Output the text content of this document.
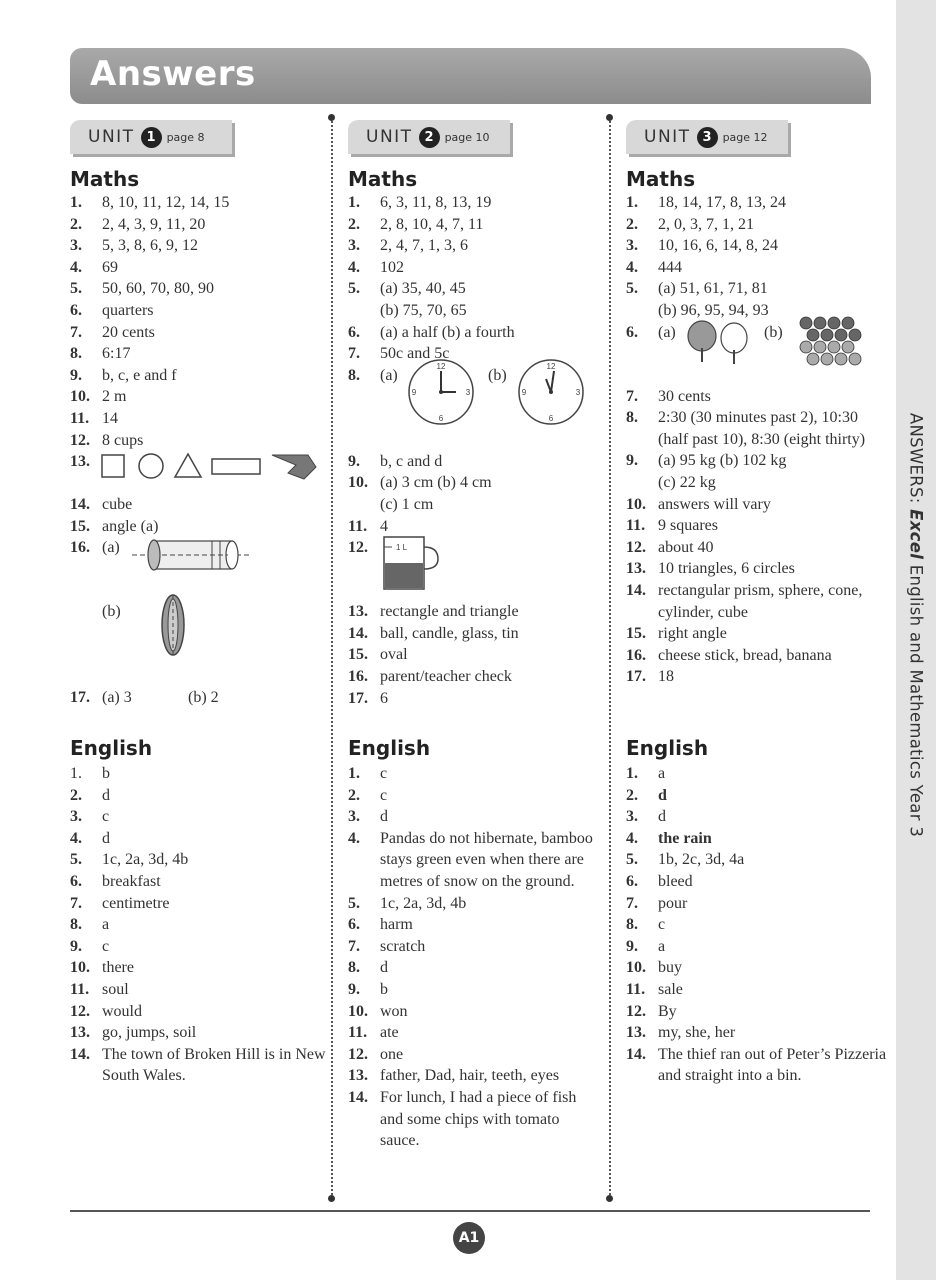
ANSWERS: Excel English and Mathematics Year 3
Answers
UNIT 1 page 8
Maths
1. 8, 10, 11, 12, 14, 15
2. 2, 4, 3, 9, 11, 20
3. 5, 3, 8, 6, 9, 12
4. 69
5. 50, 60, 70, 80, 90
6. quarters
7. 20 cents
8. 6:17
9. b, c, e and f
10. 2 m
11. 14
12. 8 cups
13.
14. cube
15. angle (a)
16. (a)
(b)
17. (a) 3	(b) 2
English
1. b
2. d
3. c
4. d
5. 1c, 2a, 3d, 4b
6. breakfast
7. centimetre
8. a
9. c
10. there
11. soul
12. would
13. go, jumps, soil
14. The town of Broken Hill is in New South Wales.
UNIT 2 page 10
Maths
1. 6, 3, 11, 8, 13, 19
2. 2, 8, 10, 4, 7, 11
3. 2, 4, 7, 1, 3, 6
4. 102
5. (a) 35, 40, 45
(b) 75, 70, 65
6. (a) a half (b) a fourth
7. 50c and 5c
8. (a)
12
3
6
9
(b)
12
3
6
9
9. b, c and d
10. (a) 3 cm (b) 4 cm
(c) 1 cm
11. 4
12.	1 L
13. rectangle and triangle
14. ball, candle, glass, tin
15. oval
16. parent/teacher check
17. 6
English
1. c
2. c
3. d
4. Pandas do not hibernate, bamboo stays green even when there are metres of snow on the ground.
5. 1c, 2a, 3d, 4b
6. harm
7. scratch
8. d
9. b
10. won
11. ate
12. one
13. father, Dad, hair, teeth, eyes
14. For lunch, I had a piece of fish and some chips with tomato sauce.
UNIT 3 page 12
Maths
1. 18, 14, 17, 8, 13, 24
2. 2, 0, 3, 7, 1, 21
3. 10, 16, 6, 14, 8, 24
4. 444
5. (a) 51, 61, 71, 81
(b) 96, 95, 94, 93
6. (a)	(b)
7. 30 cents
8. 2:30 (30 minutes past 2), 10:30 (half past 10), 8:30 (eight thirty)
9. (a) 95 kg (b) 102 kg
(c) 22 kg
10. answers will vary
11. 9 squares
12. about 40
13. 10 triangles, 6 circles
14. rectangular prism, sphere, cone, cylinder, cube
15. right angle
16. cheese stick, bread, banana
17. 18
English
1. a
2. d
3. d
4. the rain
5. 1b, 2c, 3d, 4a
6. bleed
7. pour
8. c
9. a
10. buy
11. sale
12. By
13. my, she, her
14. The thief ran out of Peter’s Pizzeria and straight into a bin.
A1
